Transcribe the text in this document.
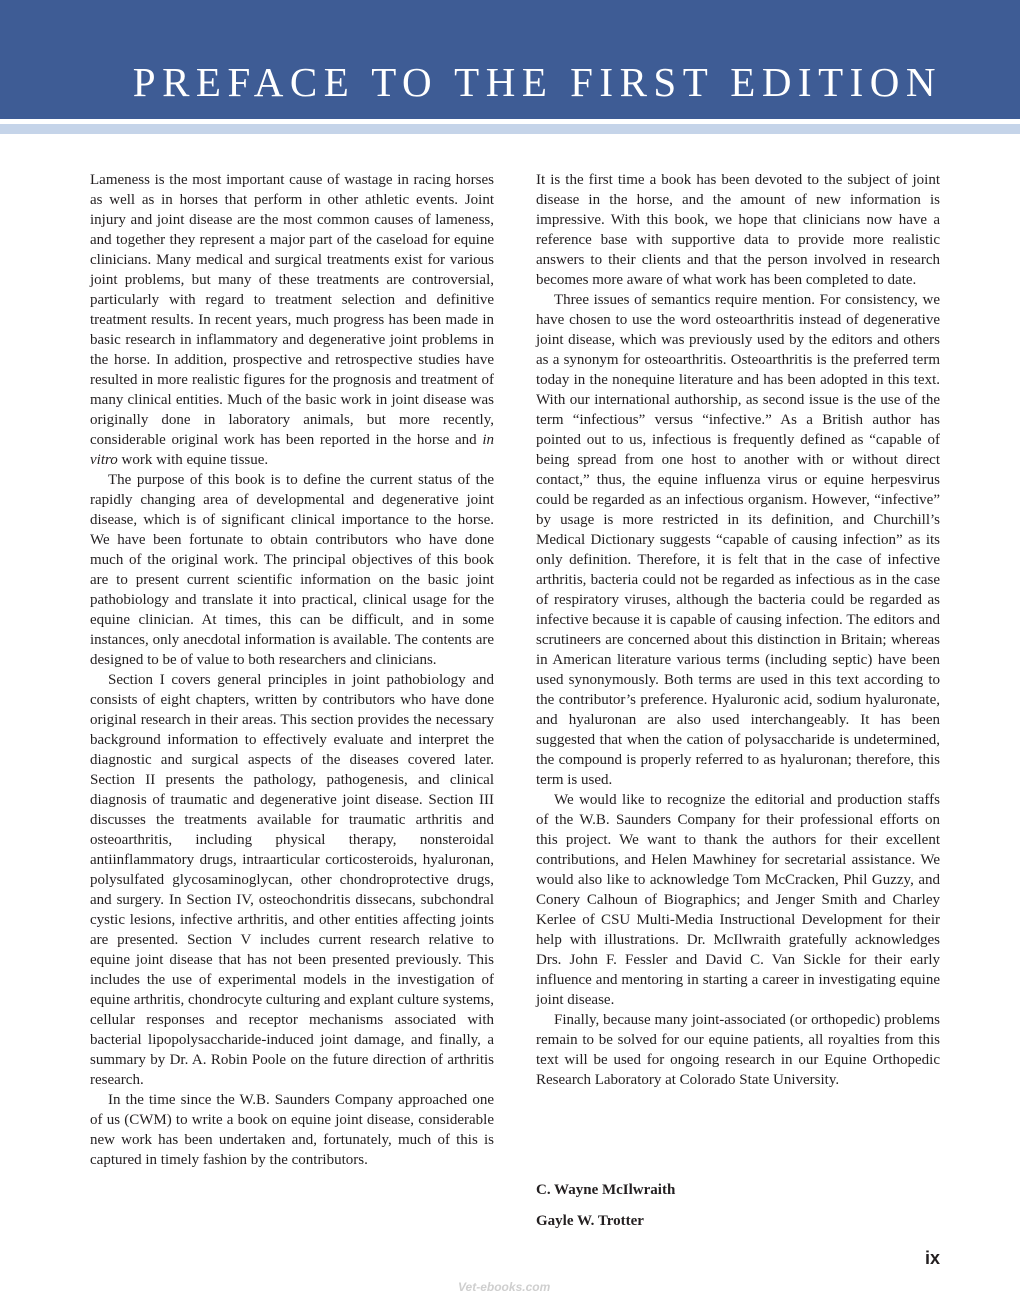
PREFACE TO THE FIRST EDITION

Lameness is the most important cause of wastage in racing horses as well as in horses that perform in other athletic events. Joint injury and joint disease are the most common causes of lameness, and together they represent a major part of the caseload for equine clinicians. Many medical and surgical treatments exist for various joint problems, but many of these treatments are controversial, particularly with regard to treatment selection and definitive treatment results. In recent years, much progress has been made in basic research in inflammatory and degenerative joint problems in the horse. In addition, prospective and retrospective studies have resulted in more realistic figures for the prognosis and treatment of many clinical entities. Much of the basic work in joint disease was originally done in laboratory animals, but more recently, considerable original work has been reported in the horse and in vitro work with equine tissue.

The purpose of this book is to define the current status of the rapidly changing area of developmental and degenerative joint disease, which is of significant clinical importance to the horse. We have been fortunate to obtain contributors who have done much of the original work. The principal objectives of this book are to present current scientific information on the basic joint pathobiology and translate it into practical, clinical usage for the equine clinician. At times, this can be difficult, and in some instances, only anecdotal information is available. The contents are designed to be of value to both researchers and clinicians.

Section I covers general principles in joint pathobiology and consists of eight chapters, written by contributors who have done original research in their areas. This section provides the necessary background information to effectively evaluate and interpret the diagnostic and surgical aspects of the diseases covered later. Section II presents the pathology, pathogenesis, and clinical diagnosis of traumatic and degenerative joint disease. Section III discusses the treatments available for traumatic arthritis and osteoarthritis, including physical therapy, nonsteroidal antiinflammatory drugs, intraarticular corticosteroids, hyaluronan, polysulfated glycosaminoglycan, other chondroprotective drugs, and surgery. In Section IV, osteochondritis dissecans, subchondral cystic lesions, infective arthritis, and other entities affecting joints are presented. Section V includes current research relative to equine joint disease that has not been presented previously. This includes the use of experimental models in the investigation of equine arthritis, chondrocyte culturing and explant culture systems, cellular responses and receptor mechanisms associated with bacterial lipopolysaccharide-induced joint damage, and finally, a summary by Dr. A. Robin Poole on the future direction of arthritis research.

In the time since the W.B. Saunders Company approached one of us (CWM) to write a book on equine joint disease, considerable new work has been undertaken and, fortunately, much of this is captured in timely fashion by the contributors.

It is the first time a book has been devoted to the subject of joint disease in the horse, and the amount of new information is impressive. With this book, we hope that clinicians now have a reference base with supportive data to provide more realistic answers to their clients and that the person involved in research becomes more aware of what work has been completed to date.

Three issues of semantics require mention. For consistency, we have chosen to use the word osteoarthritis instead of degenerative joint disease, which was previously used by the editors and others as a synonym for osteoarthritis. Osteoarthritis is the preferred term today in the nonequine literature and has been adopted in this text. With our international authorship, as second issue is the use of the term “infectious” versus “infective.” As a British author has pointed out to us, infectious is frequently defined as “capable of being spread from one host to another with or without direct contact,” thus, the equine influenza virus or equine herpesvirus could be regarded as an infectious organism. However, “infective” by usage is more restricted in its definition, and Churchill’s Medical Dictionary suggests “capable of causing infection” as its only definition. Therefore, it is felt that in the case of infective arthritis, bacteria could not be regarded as infectious as in the case of respiratory viruses, although the bacteria could be regarded as infective because it is capable of causing infection. The editors and scrutineers are concerned about this distinction in Britain; whereas in American literature various terms (including septic) have been used synonymously. Both terms are used in this text according to the contributor’s preference. Hyaluronic acid, sodium hyaluronate, and hyaluronan are also used interchangeably. It has been suggested that when the cation of polysaccharide is undetermined, the compound is properly referred to as hyaluronan; therefore, this term is used.

We would like to recognize the editorial and production staffs of the W.B. Saunders Company for their professional efforts on this project. We want to thank the authors for their excellent contributions, and Helen Mawhiney for secretarial assistance. We would also like to acknowledge Tom McCracken, Phil Guzzy, and Conery Calhoun of Biographics; and Jenger Smith and Charley Kerlee of CSU Multi-Media Instructional Development for their help with illustrations. Dr. McIlwraith gratefully acknowledges Drs. John F. Fessler and David C. Van Sickle for their early influence and mentoring in starting a career in investigating equine joint disease.

Finally, because many joint-associated (or orthopedic) problems remain to be solved for our equine patients, all royalties from this text will be used for ongoing research in our Equine Orthopedic Research Laboratory at Colorado State University.

C. Wayne McIlwraith

Gayle W. Trotter

ix
Vet-ebooks.com
